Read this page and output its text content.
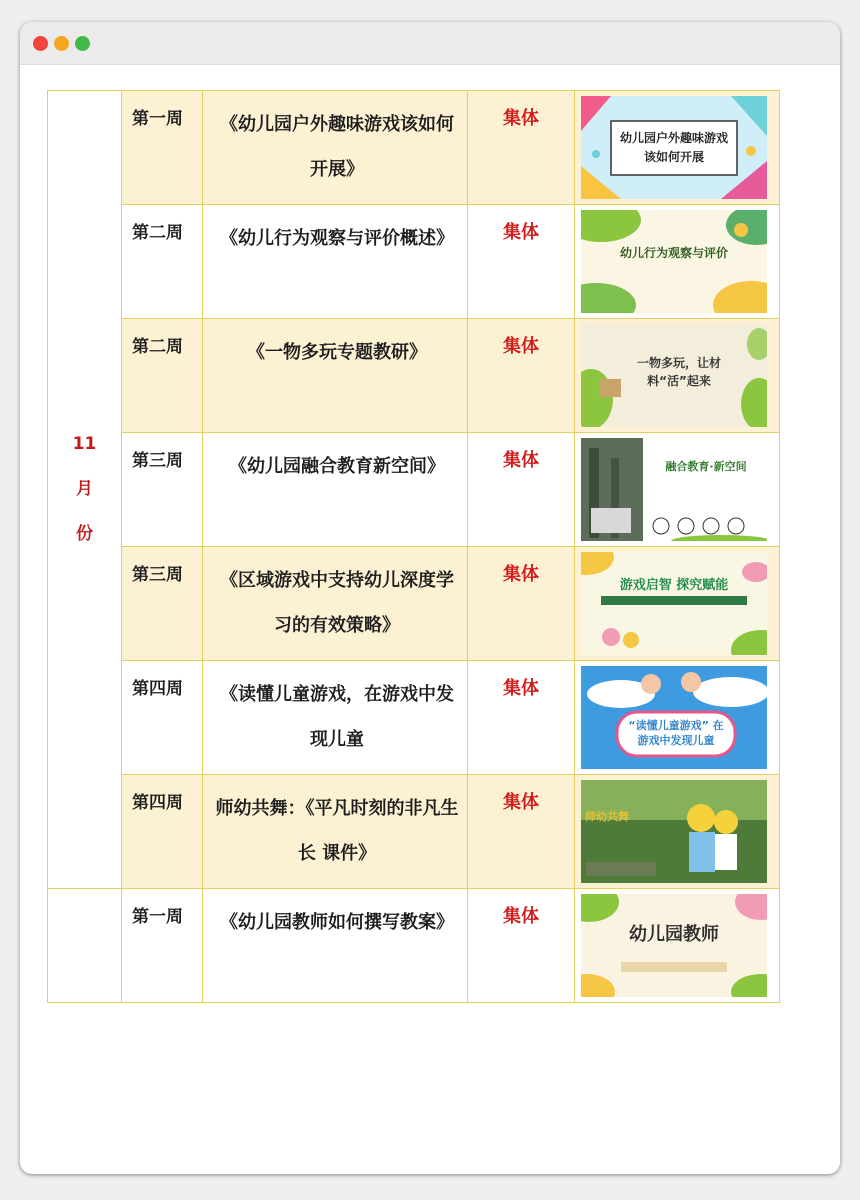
11
月
份	第一周	《幼儿园户外趣味游戏该如何开展》	集体	幼儿园户外趣味游戏该如何开展

	第二周	《幼儿行为观察与评价概述》	集体	幼儿行为观察与评价

	第二周	《一物多玩专题教研》	集体	一物多玩，让材料“活”起来

	第三周	《幼儿园融合教育新空间》	集体	融合教育·新空间

	第三周	《区域游戏中支持幼儿深度学习的有效策略》	集体	游戏启智 探究赋能

	第四周	《读懂儿童游戏，在游戏中发现儿童	集体	“读懂儿童游戏” 在游戏中发现儿童

	第四周	师幼共舞：《平凡时刻的非凡生长 课件》	集体	师幼共舞

	第一周	《幼儿园教师如何撰写教案》	集体	幼儿园教师
